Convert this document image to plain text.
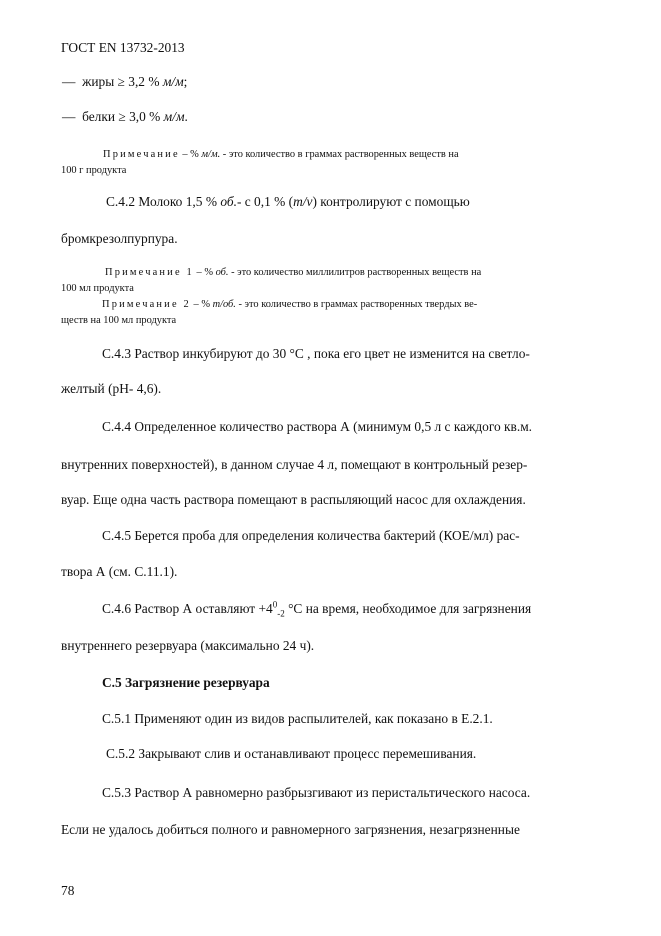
ГОСТ EN 13732-2013
— жиры ≥ 3,2 % м/м;
— белки ≥ 3,0 % м/м.
Примечание – % м/м. - это количество в граммах растворенных веществ на
100 г продукта
C.4.2 Молоко 1,5 % об.- с 0,1 % (m/v) контролируют с помощью
бромкрезолпурпура.
Примечание 1 – % об. - это количество миллилитров растворенных веществ на
100 мл продукта
Примечание 2 – % m/об. - это количество в граммах растворенных твердых ве-
ществ на 100 мл продукта
C.4.3 Раствор инкубируют до 30 °С , пока его цвет не изменится на светло-
желтый (pH- 4,6).
C.4.4 Определенное количество раствора А (минимум 0,5 л с каждого кв.м.
внутренних поверхностей), в данном случае 4 л, помещают в контрольный резер-
вуар. Еще одна часть раствора помещают в распыляющий насос для охлаждения.
C.4.5 Берется проба для определения количества бактерий (КОЕ/мл) рас-
твора А (см. С.11.1).
C.4.6 Раствор А оставляют $+4^0_{-2}$ °С на время, необходимое для загрязнения
внутреннего резервуара (максимально 24 ч).
C.5 Загрязнение резервуара
C.5.1 Применяют один из видов распылителей, как показано в Е.2.1.
C.5.2 Закрывают слив и останавливают процесс перемешивания.
C.5.3 Раствор А равномерно разбрызгивают из перистальтического насоса.
Если не удалось добиться полного и равномерного загрязнения, незагрязненные
78
